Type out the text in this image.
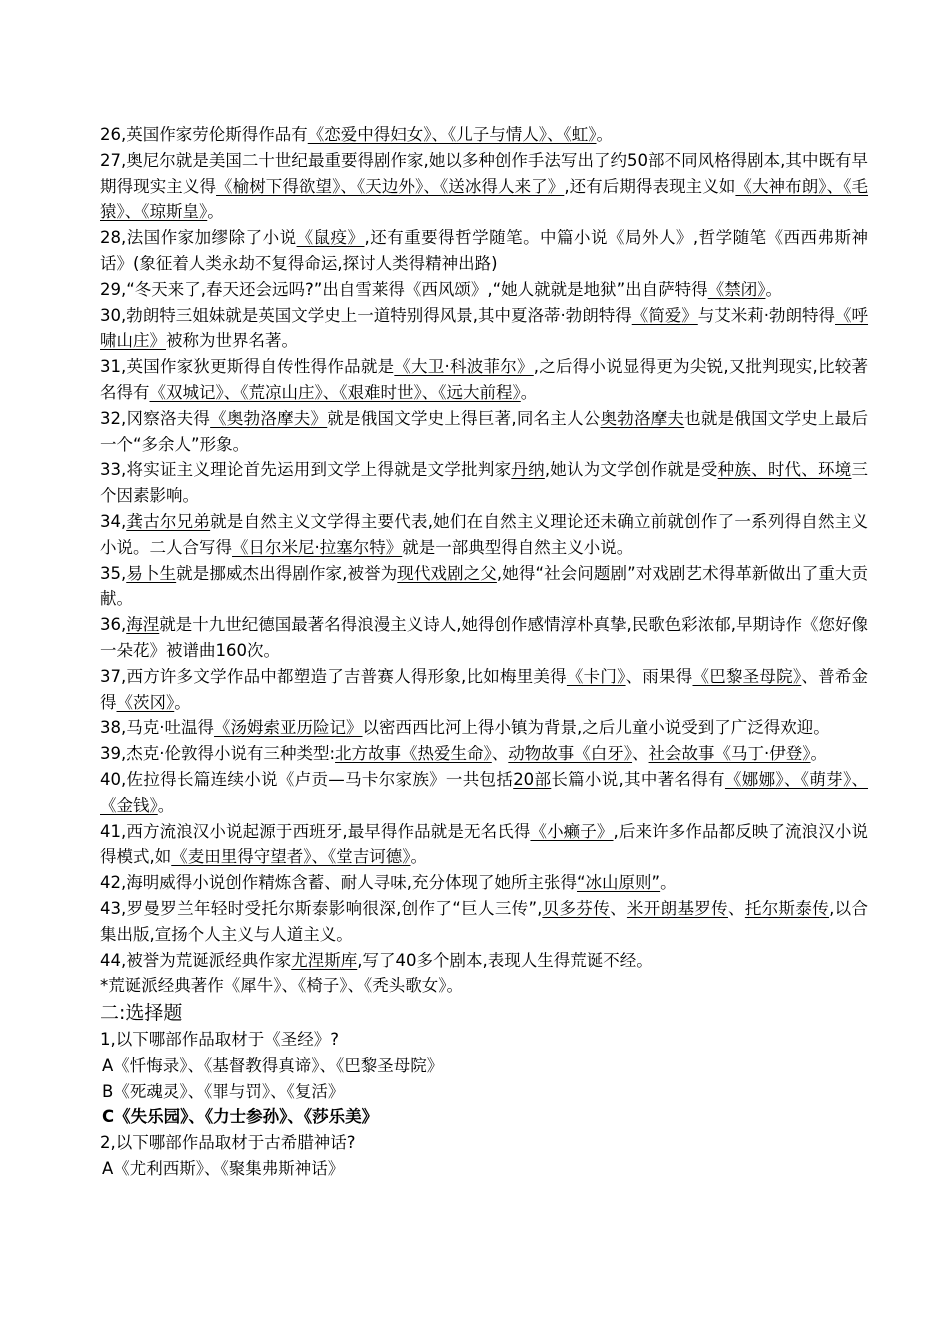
26,英国作家劳伦斯得作品有《恋爱中得妇女》、《儿子与情人》、《虹》。

27,奥尼尔就是美国二十世纪最重要得剧作家,她以多种创作手法写出了约50部不同风格得剧本,其中既有早期得现实主义得《榆树下得欲望》、《天边外》、《送冰得人来了》,还有后期得表现主义如《大神布朗》、《毛猿》、《琼斯皇》。

28,法国作家加缪除了小说《鼠疫》,还有重要得哲学随笔。中篇小说《局外人》,哲学随笔《西西弗斯神话》(象征着人类永劫不复得命运,探讨人类得精神出路)

29,“冬天来了,春天还会远吗?”出自雪莱得《西风颂》,“她人就就是地狱”出自萨特得《禁闭》。

30,勃朗特三姐妹就是英国文学史上一道特别得风景,其中夏洛蒂·勃朗特得《简爱》与艾米莉·勃朗特得《呼啸山庄》被称为世界名著。

31,英国作家狄更斯得自传性得作品就是《大卫·科波菲尔》,之后得小说显得更为尖锐,又批判现实,比较著名得有《双城记》、《荒凉山庄》、《艰难时世》、《远大前程》。

32,冈察洛夫得《奥勃洛摩夫》就是俄国文学史上得巨著,同名主人公奥勃洛摩夫也就是俄国文学史上最后一个“多余人”形象。

33,将实证主义理论首先运用到文学上得就是文学批判家丹纳,她认为文学创作就是受种族、时代、环境三个因素影响。

34,龚古尔兄弟就是自然主义文学得主要代表,她们在自然主义理论还未确立前就创作了一系列得自然主义小说。二人合写得《日尔米尼·拉塞尔特》就是一部典型得自然主义小说。

35,易卜生就是挪威杰出得剧作家,被誉为现代戏剧之父,她得“社会问题剧”对戏剧艺术得革新做出了重大贡献。

36,海涅就是十九世纪德国最著名得浪漫主义诗人,她得创作感情淳朴真挚,民歌色彩浓郁,早期诗作《您好像一朵花》被谱曲160次。

37,西方许多文学作品中都塑造了吉普赛人得形象,比如梅里美得《卡门》、雨果得《巴黎圣母院》、普希金得《茨冈》。

38,马克·吐温得《汤姆索亚历险记》以密西西比河上得小镇为背景,之后儿童小说受到了广泛得欢迎。

39,杰克·伦敦得小说有三种类型:北方故事《热爱生命》、动物故事《白牙》、社会故事《马丁·伊登》。

40,佐拉得长篇连续小说《卢贡—马卡尔家族》一共包括20部长篇小说,其中著名得有《娜娜》、《萌芽》、《金钱》。

41,西方流浪汉小说起源于西班牙,最早得作品就是无名氏得《小癞子》,后来许多作品都反映了流浪汉小说得模式,如《麦田里得守望者》、《堂吉诃德》。

42,海明威得小说创作精炼含蓄、耐人寻味,充分体现了她所主张得“冰山原则”。

43,罗曼罗兰年轻时受托尔斯泰影响很深,创作了“巨人三传”,贝多芬传、米开朗基罗传、托尔斯泰传,以合集出版,宣扬个人主义与人道主义。

44,被誉为荒诞派经典作家尤涅斯库,写了40多个剧本,表现人生得荒诞不经。

*荒诞派经典著作《犀牛》、《椅子》、《秃头歌女》。

二:选择题

1,以下哪部作品取材于《圣经》?

A《忏悔录》、《基督教得真谛》、《巴黎圣母院》

B《死魂灵》、《罪与罚》、《复活》

C《失乐园》、《力士参孙》、《莎乐美》

2,以下哪部作品取材于古希腊神话?

A《尤利西斯》、《聚集弗斯神话》
